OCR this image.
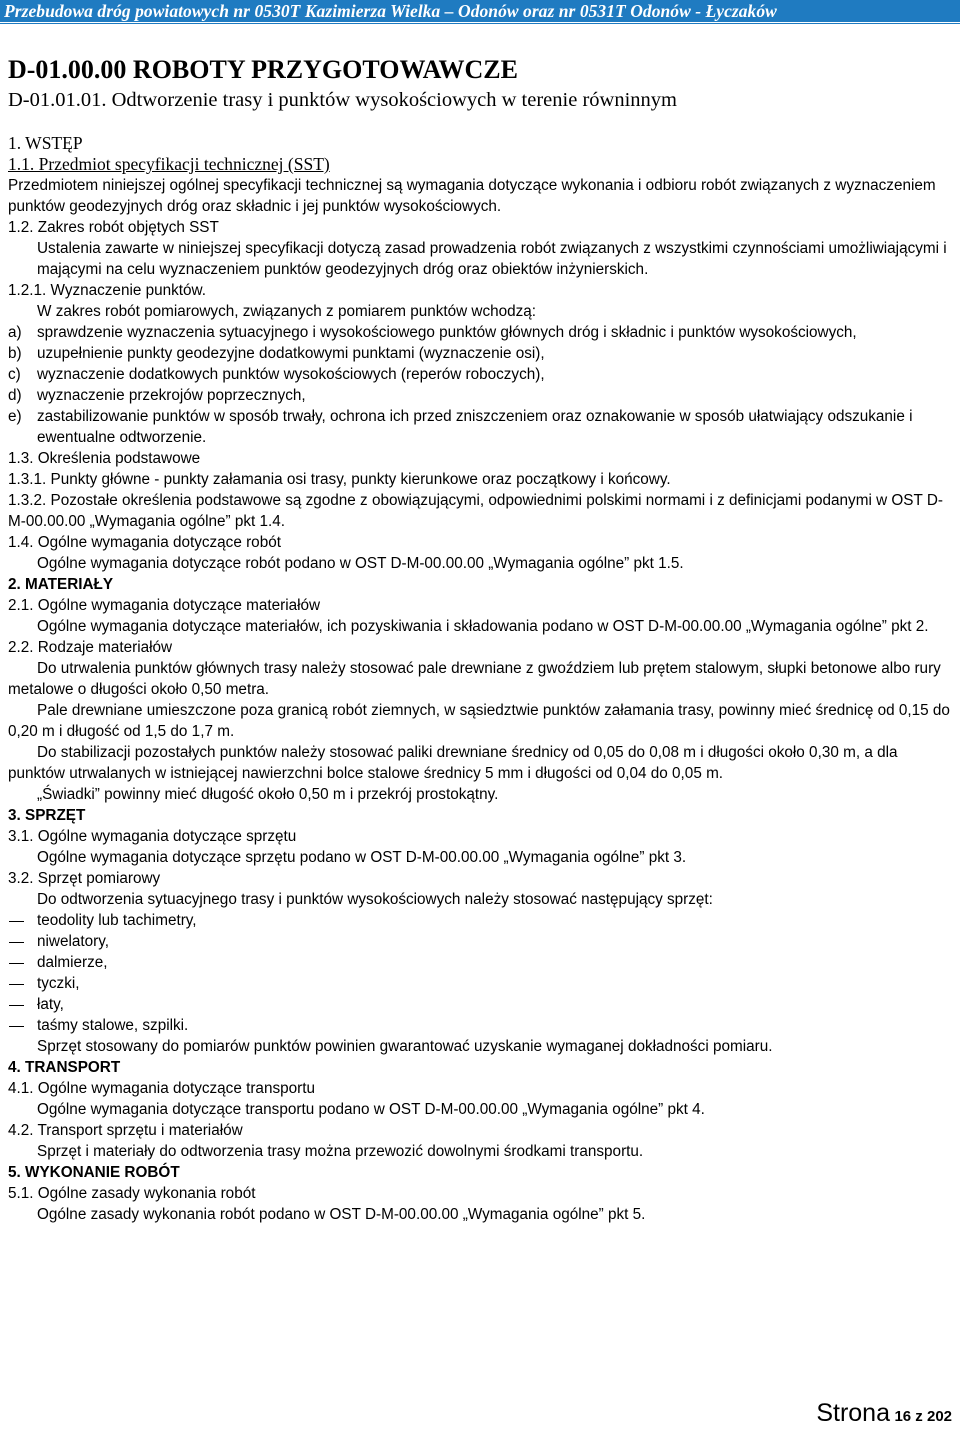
Przebudowa dróg powiatowych nr 0530T Kazimierza Wielka – Odonów oraz nr 0531T Odonów - Łyczaków
D-01.00.00 ROBOTY PRZYGOTOWAWCZE
D-01.01.01. Odtworzenie trasy i punktów wysokościowych w terenie równinnym
1. WSTĘP
1.1. Przedmiot specyfikacji technicznej (SST)

Przedmiotem niniejszej ogólnej specyfikacji technicznej są wymagania dotyczące wykonania i odbioru robót związanych z wyznaczeniem punktów geodezyjnych dróg oraz składnic i jej punktów wysokościowych.

1.2. Zakres robót objętych SST

Ustalenia zawarte w niniejszej specyfikacji dotyczą zasad prowadzenia robót związanych z wszystkimi czynnościami umożliwiającymi i mającymi na celu wyznaczeniem punktów geodezyjnych dróg oraz obiektów inżynierskich.

1.2.1. Wyznaczenie punktów.

W zakres robót pomiarowych, związanych z pomiarem punktów wchodzą:

a) sprawdzenie wyznaczenia sytuacyjnego i wysokościowego punktów głównych dróg i składnic i punktów wysokościowych,
b) uzupełnienie punkty geodezyjne dodatkowymi punktami (wyznaczenie osi),
c) wyznaczenie dodatkowych punktów wysokościowych (reperów roboczych),
d) wyznaczenie przekrojów poprzecznych,
e) zastabilizowanie punktów w sposób trwały, ochrona ich przed zniszczeniem oraz oznakowanie w sposób ułatwiający odszukanie i ewentualne odtworzenie.
1.3. Określenia podstawowe

1.3.1. Punkty główne - punkty załamania osi trasy, punkty kierunkowe oraz początkowy i końcowy.

1.3.2. Pozostałe określenia podstawowe są zgodne z obowiązującymi, odpowiednimi polskimi normami i z definicjami podanymi w OST D-M-00.00.00 „Wymagania ogólne” pkt 1.4.

1.4. Ogólne wymagania dotyczące robót

Ogólne wymagania dotyczące robót podano w OST D-M-00.00.00 „Wymagania ogólne” pkt 1.5.

2. MATERIAŁY
2.1. Ogólne wymagania dotyczące materiałów

Ogólne wymagania dotyczące materiałów, ich pozyskiwania i składowania podano w OST D-M-00.00.00 „Wymagania ogólne” pkt 2.

2.2. Rodzaje materiałów

Do utrwalenia punktów głównych trasy należy stosować pale drewniane z gwoździem lub prętem stalowym, słupki betonowe albo rury metalowe o długości około 0,50 metra.

Pale drewniane umieszczone poza granicą robót ziemnych, w sąsiedztwie punktów załamania trasy, powinny mieć średnicę od 0,15 do 0,20 m i długość od 1,5 do 1,7 m.

Do stabilizacji pozostałych punktów należy stosować paliki drewniane średnicy od 0,05 do 0,08 m i długości około 0,30 m, a dla punktów utrwalanych w istniejącej nawierzchni bolce stalowe średnicy 5 mm i długości od 0,04 do 0,05 m.

„Świadki” powinny mieć długość około 0,50 m i przekrój prostokątny.

3. SPRZĘT
3.1. Ogólne wymagania dotyczące sprzętu

Ogólne wymagania dotyczące sprzętu podano w OST D-M-00.00.00 „Wymagania ogólne” pkt 3.

3.2. Sprzęt pomiarowy

Do odtworzenia sytuacyjnego trasy i punktów wysokościowych należy stosować następujący sprzęt:

teodolity lub tachimetry,
niwelatory,
dalmierze,
tyczki,
łaty,
taśmy stalowe, szpilki.

Sprzęt stosowany do pomiarów punktów powinien gwarantować uzyskanie wymaganej dokładności pomiaru.

4. TRANSPORT
4.1. Ogólne wymagania dotyczące transportu

Ogólne wymagania dotyczące transportu podano w OST D-M-00.00.00 „Wymagania ogólne” pkt 4.

4.2. Transport sprzętu i materiałów

Sprzęt i materiały do odtworzenia trasy można przewozić dowolnymi środkami transportu.

5. WYKONANIE ROBÓT
5.1. Ogólne zasady wykonania robót

Ogólne zasady wykonania robót podano w OST D-M-00.00.00 „Wymagania ogólne” pkt 5.

Strona 16 z 202
